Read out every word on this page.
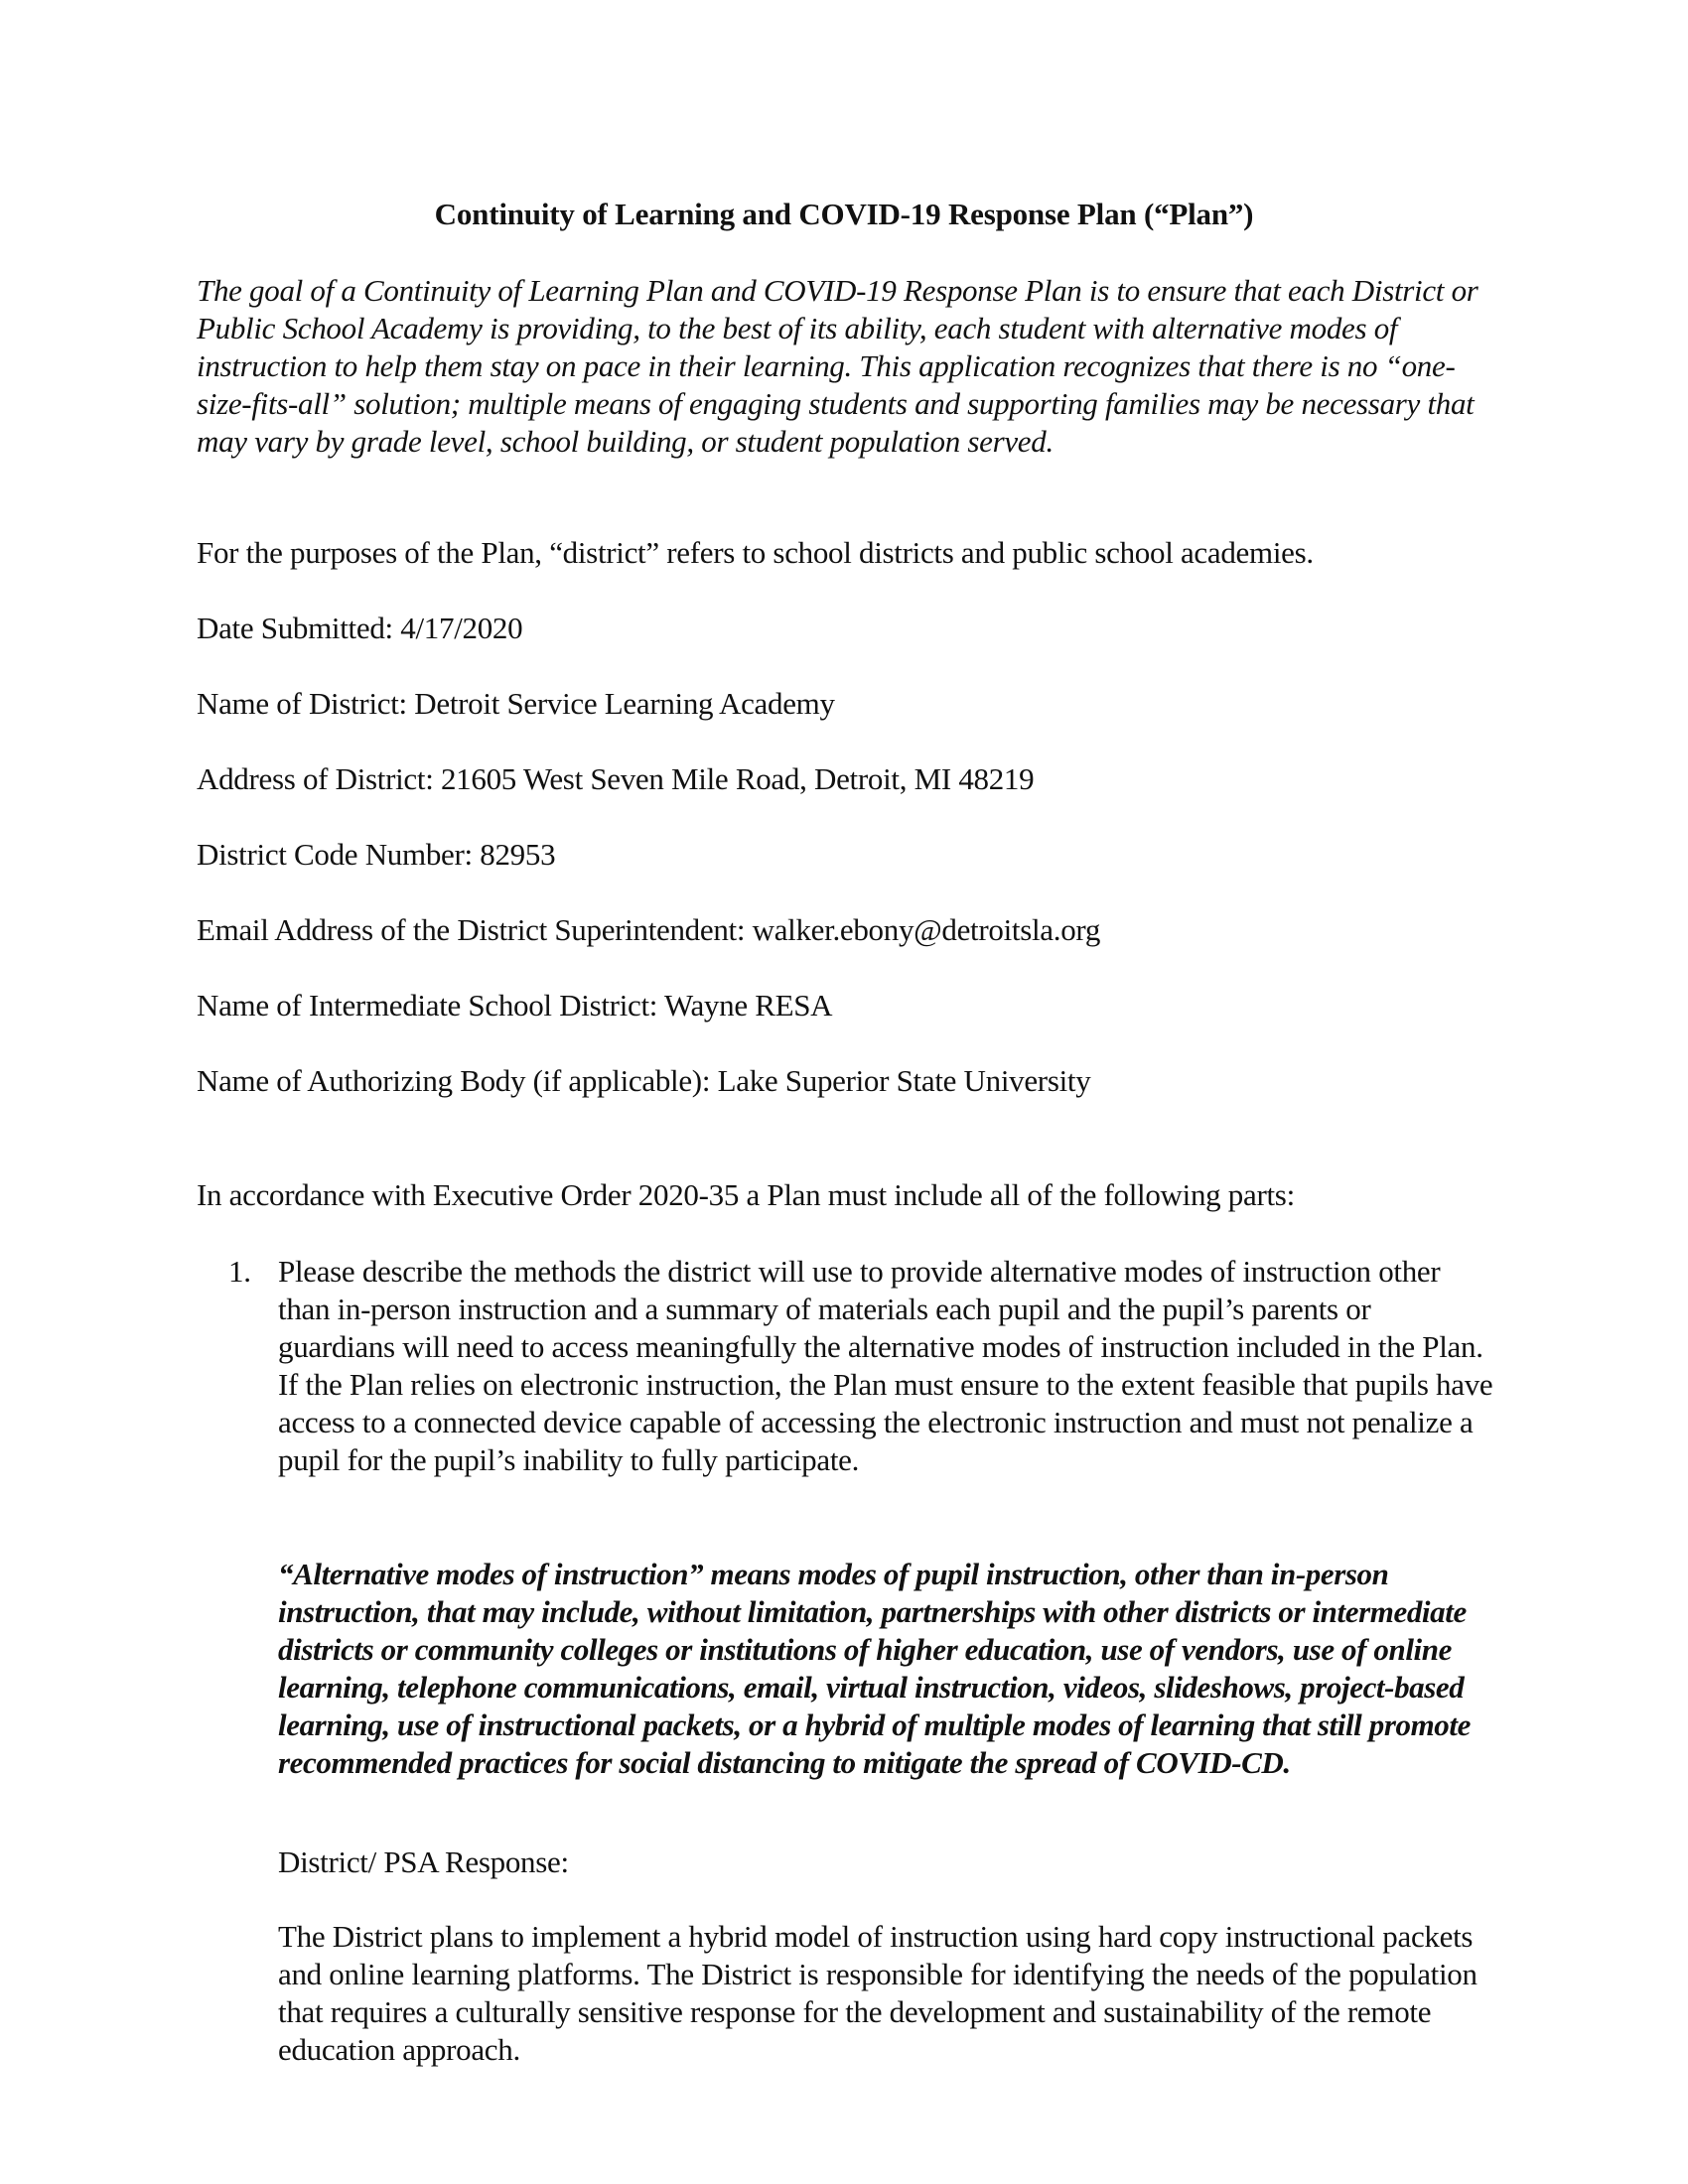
Continuity of Learning and COVID-19 Response Plan (“Plan”)
The goal of a Continuity of Learning Plan and COVID-19 Response Plan is to ensure that each District or Public School Academy is providing, to the best of its ability, each student with alternative modes of instruction to help them stay on pace in their learning. This application recognizes that there is no “one-size-fits-all” solution; multiple means of engaging students and supporting families may be necessary that may vary by grade level, school building, or student population served.
For the purposes of the Plan, “district” refers to school districts and public school academies.
Date Submitted: 4/17/2020
Name of District: Detroit Service Learning Academy
Address of District: 21605 West Seven Mile Road, Detroit, MI 48219
District Code Number: 82953
Email Address of the District Superintendent: walker.ebony@detroitsla.org
Name of Intermediate School District: Wayne RESA
Name of Authorizing Body (if applicable): Lake Superior State University
In accordance with Executive Order 2020-35 a Plan must include all of the following parts:
1. Please describe the methods the district will use to provide alternative modes of instruction other than in-person instruction and a summary of materials each pupil and the pupil’s parents or guardians will need to access meaningfully the alternative modes of instruction included in the Plan. If the Plan relies on electronic instruction, the Plan must ensure to the extent feasible that pupils have access to a connected device capable of accessing the electronic instruction and must not penalize a pupil for the pupil’s inability to fully participate.
“Alternative modes of instruction” means modes of pupil instruction, other than in-person instruction, that may include, without limitation, partnerships with other districts or intermediate districts or community colleges or institutions of higher education, use of vendors, use of online learning, telephone communications, email, virtual instruction, videos, slideshows, project-based learning, use of instructional packets, or a hybrid of multiple modes of learning that still promote recommended practices for social distancing to mitigate the spread of COVID-CD.
District/ PSA Response:
The District plans to implement a hybrid model of instruction using hard copy instructional packets and online learning platforms. The District is responsible for identifying the needs of the population that requires a culturally sensitive response for the development and sustainability of the remote education approach.
